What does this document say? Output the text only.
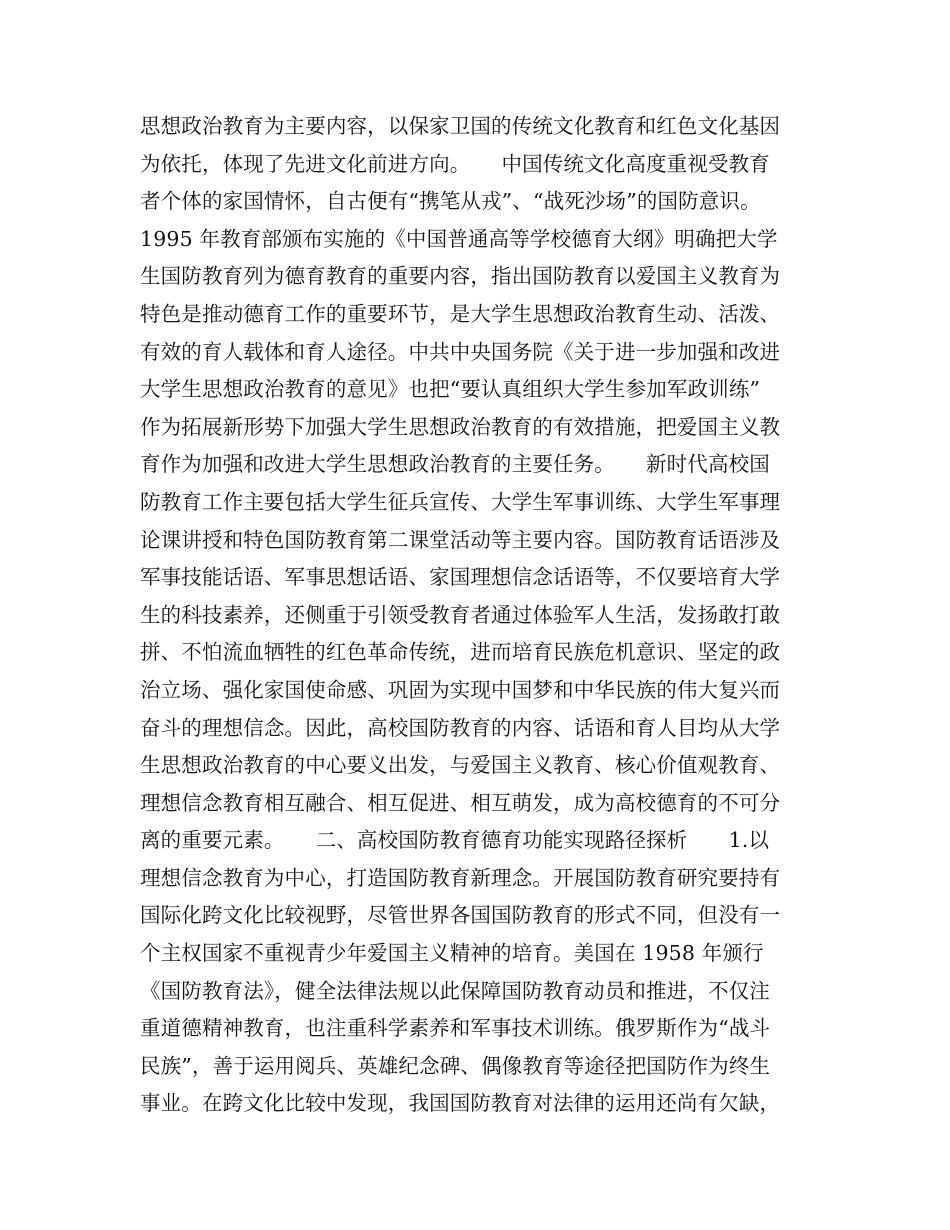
思想政治教育为主要内容，以保家卫国的传统文化教育和红色文化基因
为依托，体现了先进文化前进方向。　　中国传统文化高度重视受教育
者个体的家国情怀，自古便有“携笔从戎”、“战死沙场”的国防意识。
1995 年教育部颁布实施的《中国普通高等学校德育大纲》明确把大学
生国防教育列为德育教育的重要内容，指出国防教育以爱国主义教育为
特色是推动德育工作的重要环节，是大学生思想政治教育生动、活泼、
有效的育人载体和育人途径。中共中央国务院《关于进一步加强和改进
大学生思想政治教育的意见》也把“要认真组织大学生参加军政训练”
作为拓展新形势下加强大学生思想政治教育的有效措施，把爱国主义教
育作为加强和改进大学生思想政治教育的主要任务。　　新时代高校国
防教育工作主要包括大学生征兵宣传、大学生军事训练、大学生军事理
论课讲授和特色国防教育第二课堂活动等主要内容。国防教育话语涉及
军事技能话语、军事思想话语、家国理想信念话语等，不仅要培育大学
生的科技素养，还侧重于引领受教育者通过体验军人生活，发扬敢打敢
拼、不怕流血牺牲的红色革命传统，进而培育民族危机意识、坚定的政
治立场、强化家国使命感、巩固为实现中国梦和中华民族的伟大复兴而
奋斗的理想信念。因此，高校国防教育的内容、话语和育人目均从大学
生思想政治教育的中心要义出发，与爱国主义教育、核心价值观教育、
理想信念教育相互融合、相互促进、相互萌发，成为高校德育的不可分
离的重要元素。　　二、高校国防教育德育功能实现路径探析　　1.以
理想信念教育为中心，打造国防教育新理念。开展国防教育研究要持有
国际化跨文化比较视野，尽管世界各国国防教育的形式不同，但没有一
个主权国家不重视青少年爱国主义精神的培育。美国在 1958 年颁行
《国防教育法》，健全法律法规以此保障国防教育动员和推进，不仅注
重道德精神教育，也注重科学素养和军事技术训练。俄罗斯作为“战斗
民族”，善于运用阅兵、英雄纪念碑、偶像教育等途径把国防作为终生
事业。在跨文化比较中发现，我国国防教育对法律的运用还尚有欠缺，
